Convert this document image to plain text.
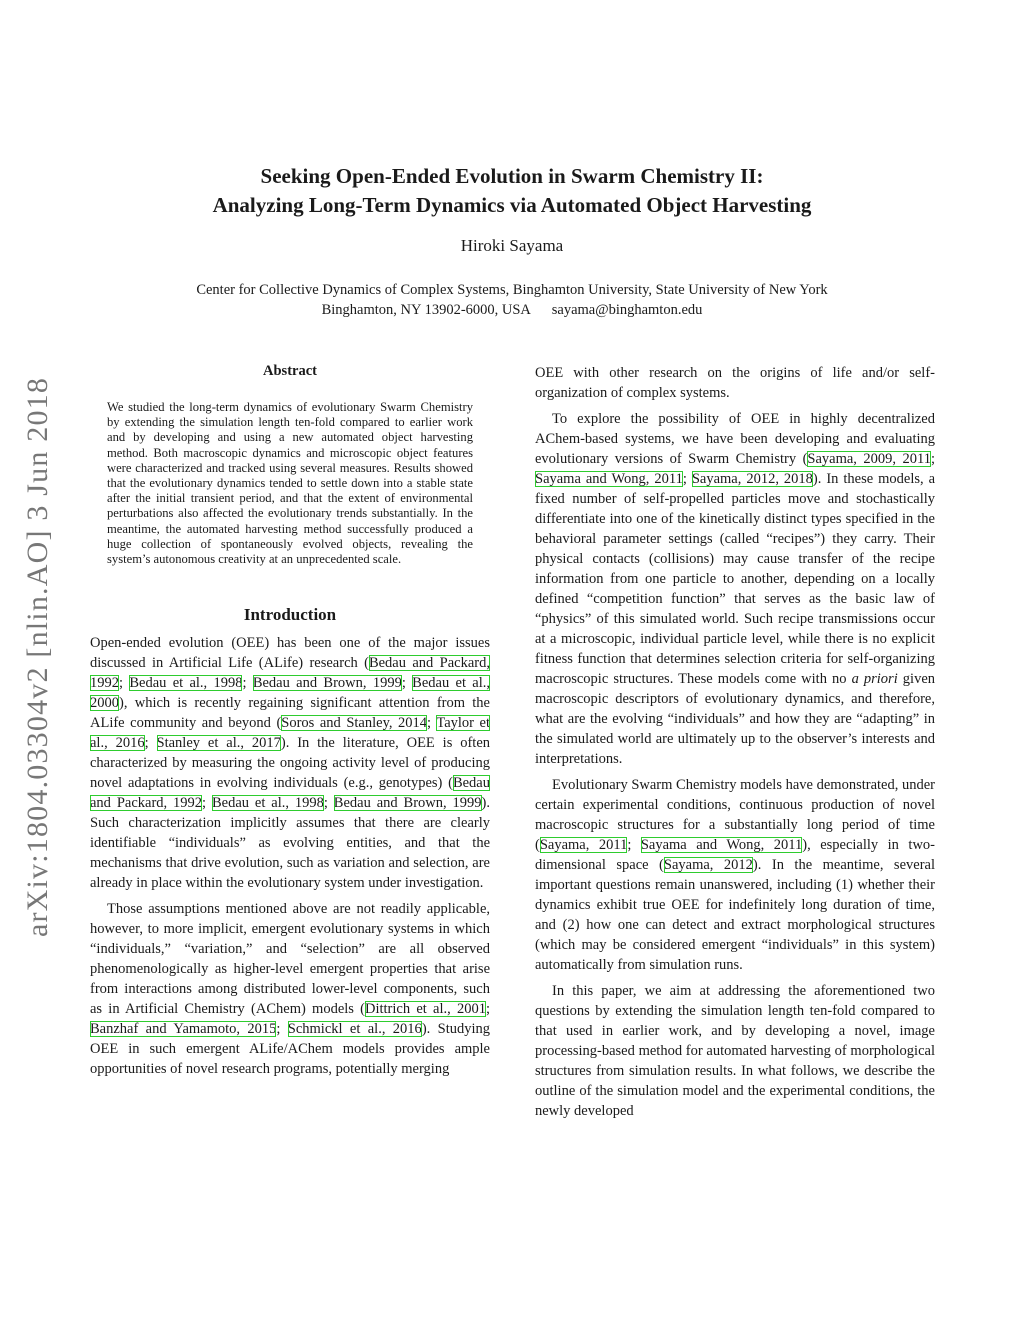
arXiv:1804.03304v2 [nlin.AO] 3 Jun 2018
Seeking Open-Ended Evolution in Swarm Chemistry II:
Analyzing Long-Term Dynamics via Automated Object Harvesting
Hiroki Sayama
Center for Collective Dynamics of Complex Systems, Binghamton University, State University of New York
Binghamton, NY 13902-6000, USA sayama@binghamton.edu
Abstract

We studied the long-term dynamics of evolutionary Swarm Chemistry by extending the simulation length ten-fold compared to earlier work and by developing and using a new automated object harvesting method. Both macroscopic dynamics and microscopic object features were characterized and tracked using several measures. Results showed that the evolutionary dynamics tended to settle down into a stable state after the initial transient period, and that the extent of environmental perturbations also affected the evolutionary trends substantially. In the meantime, the automated harvesting method successfully produced a huge collection of spontaneously evolved objects, revealing the system’s autonomous creativity at an unprecedented scale.

Introduction

Open-ended evolution (OEE) has been one of the major issues discussed in Artificial Life (ALife) research (Bedau and Packard, 1992; Bedau et al., 1998; Bedau and Brown, 1999; Bedau et al., 2000), which is recently regaining significant attention from the ALife community and beyond (Soros and Stanley, 2014; Taylor et al., 2016; Stanley et al., 2017). In the literature, OEE is often characterized by measuring the ongoing activity level of producing novel adaptations in evolving individuals (e.g., genotypes) (Bedau and Packard, 1992; Bedau et al., 1998; Bedau and Brown, 1999). Such characterization implicitly assumes that there are clearly identifiable “individuals” as evolving entities, and that the mechanisms that drive evolution, such as variation and selection, are already in place within the evolutionary system under investigation.

Those assumptions mentioned above are not readily applicable, however, to more implicit, emergent evolutionary systems in which “individuals,” “variation,” and “selection” are all observed phenomenologically as higher-level emergent properties that arise from interactions among distributed lower-level components, such as in Artificial Chemistry (AChem) models (Dittrich et al., 2001; Banzhaf and Yamamoto, 2015; Schmickl et al., 2016). Studying OEE in such emergent ALife/AChem models provides ample opportunities of novel research programs, potentially merging

OEE with other research on the origins of life and/or self-organization of complex systems.

To explore the possibility of OEE in highly decentralized AChem-based systems, we have been developing and evaluating evolutionary versions of Swarm Chemistry (Sayama, 2009, 2011; Sayama and Wong, 2011; Sayama, 2012, 2018). In these models, a fixed number of self-propelled particles move and stochastically differentiate into one of the kinetically distinct types specified in the behavioral parameter settings (called “recipes”) they carry. Their physical contacts (collisions) may cause transfer of the recipe information from one particle to another, depending on a locally defined “competition function” that serves as the basic law of “physics” of this simulated world. Such recipe transmissions occur at a microscopic, individual particle level, while there is no explicit fitness function that determines selection criteria for self-organizing macroscopic structures. These models come with no a priori given macroscopic descriptors of evolutionary dynamics, and therefore, what are the evolving “individuals” and how they are “adapting” in the simulated world are ultimately up to the observer’s interests and interpretations.

Evolutionary Swarm Chemistry models have demonstrated, under certain experimental conditions, continuous production of novel macroscopic structures for a substantially long period of time (Sayama, 2011; Sayama and Wong, 2011), especially in two-dimensional space (Sayama, 2012). In the meantime, several important questions remain unanswered, including (1) whether their dynamics exhibit true OEE for indefinitely long duration of time, and (2) how one can detect and extract morphological structures (which may be considered emergent “individuals” in this system) automatically from simulation runs.

In this paper, we aim at addressing the aforementioned two questions by extending the simulation length ten-fold compared to that used in earlier work, and by developing a novel, image processing-based method for automated harvesting of morphological structures from simulation results. In what follows, we describe the outline of the simulation model and the experimental conditions, the newly developed
